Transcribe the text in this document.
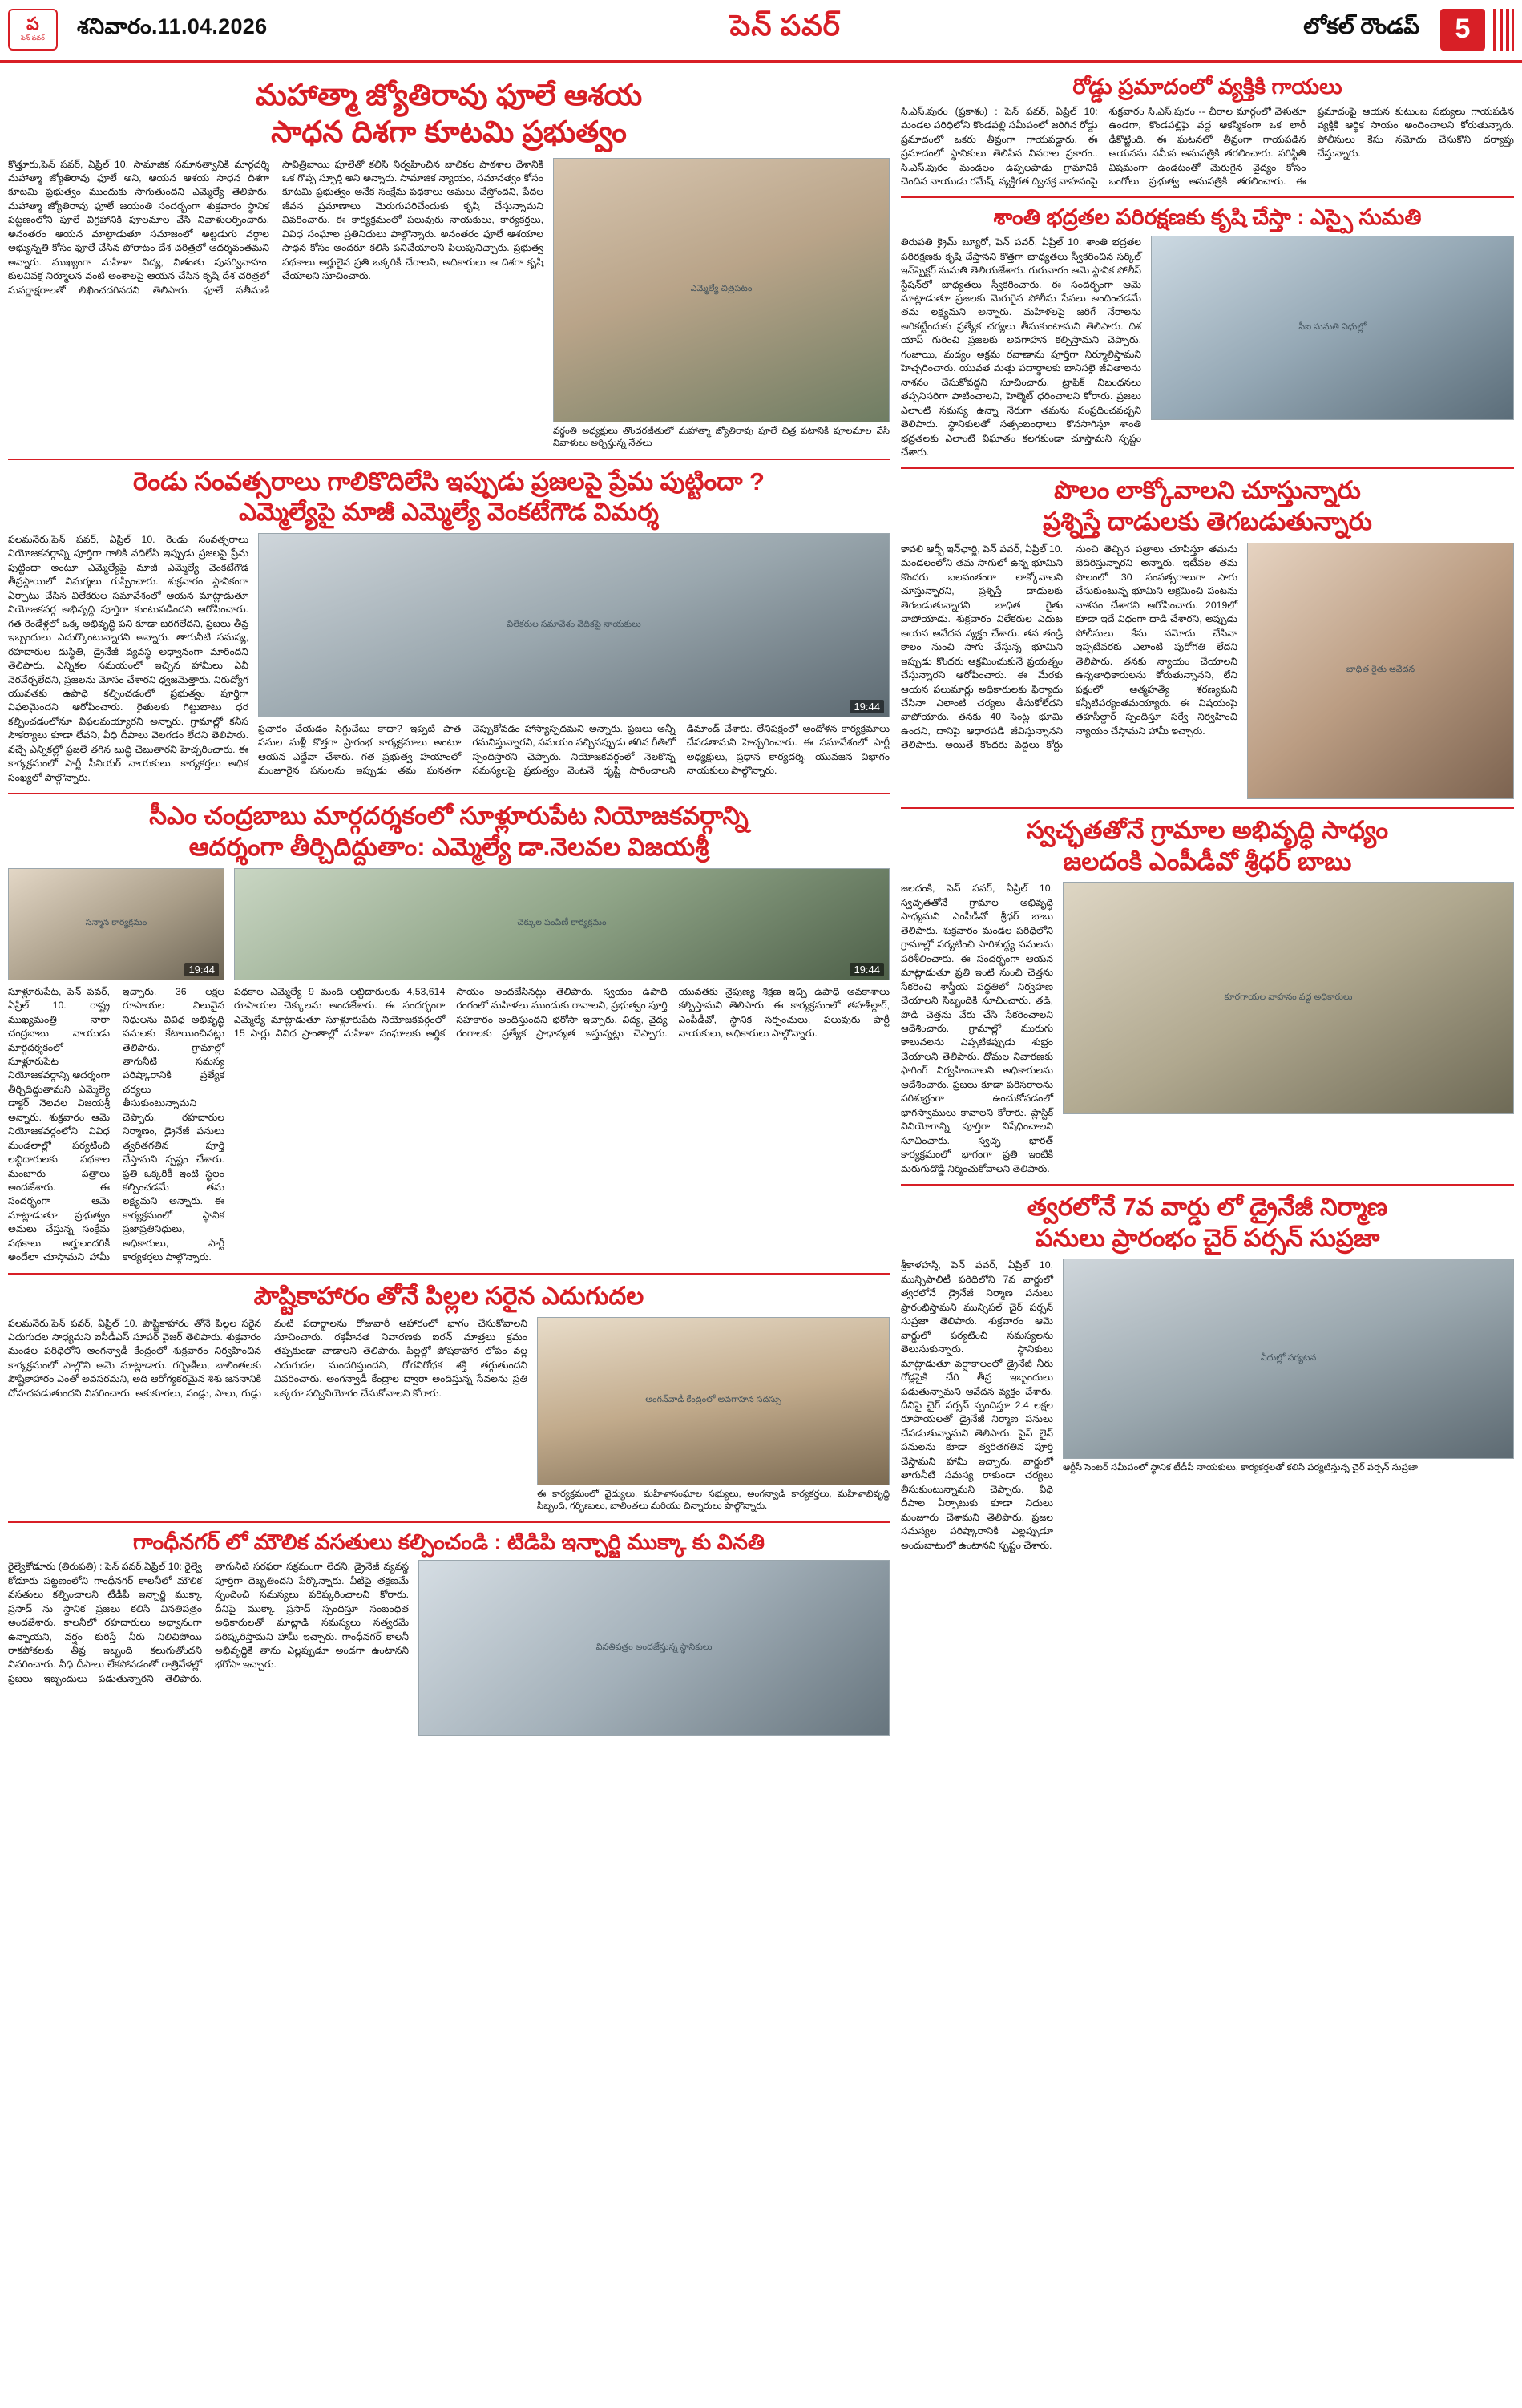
ప
పెన్ పవర్	శనివారం.11.04.2026	పెన్ పవర్	లోకల్ రౌండప్	5
మహాత్మా జ్యోతిరావు ఫూలే ఆశయ
సాధన దిశగా కూటమి ప్రభుత్వం
కొత్తూరు,పెన్ పవర్, ఏప్రిల్ 10. సామాజిక సమానత్వానికి మార్గదర్శి మహాత్మా జ్యోతిరావు ఫూలే అని, ఆయన ఆశయ సాధన దిశగా కూటమి ప్రభుత్వం ముందుకు సాగుతుందని ఎమ్మెల్యే తెలిపారు. మహాత్మా జ్యోతిరావు ఫూలే జయంతి సందర్భంగా శుక్రవారం స్థానిక పట్టణంలోని ఫూలే విగ్రహానికి పూలమాల వేసి నివాళులర్పించారు. అనంతరం ఆయన మాట్లాడుతూ సమాజంలో అట్టడుగు వర్గాల అభ్యున్నతి కోసం ఫూలే చేసిన పోరాటం దేశ చరిత్రలో ఆదర్శవంతమని అన్నారు. ముఖ్యంగా మహిళా విద్య, వితంతు పునర్వివాహం, కులవివక్ష నిర్మూలన వంటి అంశాలపై ఆయన చేసిన కృషి దేశ చరిత్రలో సువర్ణాక్షరాలతో లిఖించదగినదని తెలిపారు. ఫూలే సతీమణి సావిత్రిబాయి ఫూలేతో కలిసి నిర్వహించిన బాలికల పాఠశాల దేశానికి ఒక గొప్ప స్ఫూర్తి అని అన్నారు. సామాజిక న్యాయం, సమానత్వం కోసం కూటమి ప్రభుత్వం అనేక సంక్షేమ పథకాలు అమలు చేస్తోందని, పేదల జీవన ప్రమాణాలు మెరుగుపరిచేందుకు కృషి చేస్తున్నామని వివరించారు. ఈ కార్యక్రమంలో పలువురు నాయకులు, కార్యకర్తలు, వివిధ సంఘాల ప్రతినిధులు పాల్గొన్నారు. అనంతరం ఫూలే ఆశయాల సాధన కోసం అందరూ కలిసి పనిచేయాలని పిలుపునిచ్చారు. ప్రభుత్వ పథకాలు అర్హులైన ప్రతి ఒక్కరికీ చేరాలని, అధికారులు ఆ దిశగా కృషి చేయాలని సూచించారు.
ఎమ్మెల్యే చిత్రపటం
వర్థంతి అధ్యక్షులు తొందరజీతులో మహాత్మా జ్యోతిరావు ఫూలే చిత్ర పటానికి పూలమాల వేసి నివాళులు అర్పిస్తున్న నేతలు
రెండు సంవత్సరాలు గాలికొదిలేసి ఇప్పుడు ప్రజలపై ప్రేమ పుట్టిందా ?
ఎమ్మెల్యేపై మాజీ ఎమ్మెల్యే వెంకటేగౌడ విమర్శ
పలమనేరు,పెన్ పవర్, ఏప్రిల్ 10. రెండు సంవత్సరాలు నియోజకవర్గాన్ని పూర్తిగా గాలికి వదిలేసి ఇప్పుడు ప్రజలపై ప్రేమ పుట్టిందా అంటూ ఎమ్మెల్యేపై మాజీ ఎమ్మెల్యే వెంకటేగౌడ తీవ్రస్థాయిలో విమర్శలు గుప్పించారు. శుక్రవారం స్థానికంగా ఏర్పాటు చేసిన విలేకరుల సమావేశంలో ఆయన మాట్లాడుతూ నియోజకవర్గ అభివృద్ధి పూర్తిగా కుంటుపడిందని ఆరోపించారు. గత రెండేళ్లలో ఒక్క అభివృద్ధి పని కూడా జరగలేదని, ప్రజలు తీవ్ర ఇబ్బందులు ఎదుర్కొంటున్నారని అన్నారు. తాగునీటి సమస్య, రహదారుల దుస్థితి, డ్రైనేజీ వ్యవస్థ అధ్వానంగా మారిందని తెలిపారు. ఎన్నికల సమయంలో ఇచ్చిన హామీలు ఏవీ నెరవేర్చలేదని, ప్రజలను మోసం చేశారని ధ్వజమెత్తారు. నిరుద్యోగ యువతకు ఉపాధి కల్పించడంలో ప్రభుత్వం పూర్తిగా విఫలమైందని ఆరోపించారు. రైతులకు గిట్టుబాటు ధర కల్పించడంలోనూ విఫలమయ్యారని అన్నారు. గ్రామాల్లో కనీస సౌకర్యాలు కూడా లేవని, వీధి దీపాలు వెలగడం లేదని తెలిపారు. వచ్చే ఎన్నికల్లో ప్రజలే తగిన బుద్ధి చెబుతారని హెచ్చరించారు. ఈ కార్యక్రమంలో పార్టీ సీనియర్ నాయకులు, కార్యకర్తలు అధిక సంఖ్యలో పాల్గొన్నారు.
విలేకరుల సమావేశం వేదికపై నాయకులు
19:44
ప్రచారం చేయడం సిగ్గుచేటు కాదా? ఇప్పటి పాత పనుల మళ్లీ కొత్తగా ప్రారంభ కార్యక్రమాలు అంటూ ఆయన ఎద్దేవా చేశారు. గత ప్రభుత్వ హయాంలో మంజూరైన పనులను ఇప్పుడు తమ ఘనతగా చెప్పుకోవడం హాస్యాస్పదమని అన్నారు. ప్రజలు అన్నీ గమనిస్తున్నారని, సమయం వచ్చినప్పుడు తగిన రీతిలో స్పందిస్తారని చెప్పారు. నియోజకవర్గంలో నెలకొన్న సమస్యలపై ప్రభుత్వం వెంటనే దృష్టి సారించాలని డిమాండ్ చేశారు. లేనిపక్షంలో ఆందోళన కార్యక్రమాలు చేపడతామని హెచ్చరించారు. ఈ సమావేశంలో పార్టీ అధ్యక్షులు, ప్రధాన కార్యదర్శి, యువజన విభాగం నాయకులు పాల్గొన్నారు.
సీఎం చంద్రబాబు మార్గదర్శకంలో సూళ్లూరుపేట నియోజకవర్గాన్ని
ఆదర్శంగా తీర్చిదిద్దుతాం: ఎమ్మెల్యే డా.నెలవల విజయశ్రీ
సన్మాన కార్యక్రమం
19:44
సూళ్లూరుపేట, పెన్ పవర్, ఏప్రిల్ 10. రాష్ట్ర ముఖ్యమంత్రి నారా చంద్రబాబు నాయుడు మార్గదర్శకంలో సూళ్లూరుపేట నియోజకవర్గాన్ని ఆదర్శంగా తీర్చిదిద్దుతామని ఎమ్మెల్యే డాక్టర్ నెలవల విజయశ్రీ అన్నారు. శుక్రవారం ఆమె నియోజకవర్గంలోని వివిధ మండలాల్లో పర్యటించి లబ్ధిదారులకు పథకాల మంజూరు పత్రాలు అందజేశారు. ఈ సందర్భంగా ఆమె మాట్లాడుతూ ప్రభుత్వం అమలు చేస్తున్న సంక్షేమ పథకాలు అర్హులందరికీ అందేలా చూస్తామని హామీ ఇచ్చారు. 36 లక్షల రూపాయల విలువైన నిధులను వివిధ అభివృద్ధి పనులకు కేటాయించినట్లు తెలిపారు. గ్రామాల్లో తాగునీటి సమస్య పరిష్కారానికి ప్రత్యేక చర్యలు తీసుకుంటున్నామని చెప్పారు. రహదారుల నిర్మాణం, డ్రైనేజీ పనులు త్వరితగతిన పూర్తి చేస్తామని స్పష్టం చేశారు. ప్రతి ఒక్కరికీ ఇంటి స్థలం కల్పించడమే తమ లక్ష్యమని అన్నారు. ఈ కార్యక్రమంలో స్థానిక ప్రజాప్రతినిధులు, అధికారులు, పార్టీ కార్యకర్తలు పాల్గొన్నారు.
చెక్కుల పంపిణీ కార్యక్రమం
19:44
పథకాల ఎమ్మెల్యే 9 మంది లబ్ధిదారులకు 4,53,614 రూపాయల చెక్కులను అందజేశారు. ఈ సందర్భంగా ఎమ్మెల్యే మాట్లాడుతూ సూళ్లూరుపేట నియోజకవర్గంలో 15 సార్లు వివిధ ప్రాంతాల్లో మహిళా సంఘాలకు ఆర్థిక సాయం అందజేసినట్లు తెలిపారు. స్వయం ఉపాధి రంగంలో మహిళలు ముందుకు రావాలని, ప్రభుత్వం పూర్తి సహకారం అందిస్తుందని భరోసా ఇచ్చారు. విద్య, వైద్య రంగాలకు ప్రత్యేక ప్రాధాన్యత ఇస్తున్నట్లు చెప్పారు. యువతకు నైపుణ్య శిక్షణ ఇచ్చి ఉపాధి అవకాశాలు కల్పిస్తామని తెలిపారు. ఈ కార్యక్రమంలో తహశీల్దార్, ఎంపీడీవో, స్థానిక సర్పంచులు, పలువురు పార్టీ నాయకులు, అధికారులు పాల్గొన్నారు.
పౌష్టికాహారం తోనే పిల్లల సరైన ఎదుగుదల
పలమనేరు,పెన్ పవర్, ఏప్రిల్ 10. పౌష్టికాహారం తోనే పిల్లల సరైన ఎదుగుదల సాధ్యమని ఐసీడీఎస్ సూపర్ వైజర్ తెలిపారు. శుక్రవారం మండల పరిధిలోని అంగన్వాడీ కేంద్రంలో శుక్రవారం నిర్వహించిన కార్యక్రమంలో పాల్గొని ఆమె మాట్లాడారు. గర్భిణీలు, బాలింతలకు పౌష్టికాహారం ఎంతో అవసరమని, అది ఆరోగ్యకరమైన శిశు జననానికి దోహదపడుతుందని వివరించారు. ఆకుకూరలు, పండ్లు, పాలు, గుడ్లు వంటి పదార్థాలను రోజువారీ ఆహారంలో భాగం చేసుకోవాలని సూచించారు. రక్తహీనత నివారణకు ఐరన్ మాత్రలు క్రమం తప్పకుండా వాడాలని తెలిపారు. పిల్లల్లో పోషకాహార లోపం వల్ల ఎదుగుదల మందగిస్తుందని, రోగనిరోధక శక్తి తగ్గుతుందని వివరించారు. అంగన్వాడీ కేంద్రాల ద్వారా అందిస్తున్న సేవలను ప్రతి ఒక్కరూ సద్వినియోగం చేసుకోవాలని కోరారు.
అంగన్‌వాడీ కేంద్రంలో అవగాహన సదస్సు
ఈ కార్యక్రమంలో వైద్యులు, మహిళాసంఘాల సభ్యులు, అంగన్వాడీ కార్యకర్తలు, మహిళాభివృద్ధి సిబ్బంది, గర్భిణులు, బాలింతలు మరియు చిన్నారులు పాల్గొన్నారు.
గాంధీనగర్ లో మౌలిక వసతులు కల్పించండి : టిడిపి ఇన్చార్జి ముక్కా కు వినతి
రైల్వేకోడూరు (తిరుపతి) : పెన్ పవర్,ఏప్రిల్ 10: రైల్వే కోడూరు పట్టణంలోని గాంధీనగర్ కాలనీలో మౌలిక వసతులు కల్పించాలని టీడీపీ ఇన్చార్జి ముక్కా ప్రసాద్ ను స్థానిక ప్రజలు కలిసి వినతిపత్రం అందజేశారు. కాలనీలో రహదారులు అధ్వానంగా ఉన్నాయని, వర్షం కురిస్తే నీరు నిలిచిపోయి రాకపోకలకు తీవ్ర ఇబ్బంది కలుగుతోందని వివరించారు. వీధి దీపాలు లేకపోవడంతో రాత్రివేళల్లో ప్రజలు ఇబ్బందులు పడుతున్నారని తెలిపారు. తాగునీటి సరఫరా సక్రమంగా లేదని, డ్రైనేజీ వ్యవస్థ పూర్తిగా దెబ్బతిందని పేర్కొన్నారు. వీటిపై తక్షణమే స్పందించి సమస్యలు పరిష్కరించాలని కోరారు. దీనిపై ముక్కా ప్రసాద్ స్పందిస్తూ సంబంధిత అధికారులతో మాట్లాడి సమస్యలు సత్వరమే పరిష్కరిస్తామని హామీ ఇచ్చారు. గాంధీనగర్ కాలనీ అభివృద్ధికి తాను ఎల్లప్పుడూ అండగా ఉంటానని భరోసా ఇచ్చారు.
వినతిపత్రం అందజేస్తున్న స్థానికులు
రోడ్డు ప్రమాదంలో వ్యక్తికి గాయలు
సి.ఎస్.పురం (ప్రకాశం) : పెన్ పవర్, ఏప్రిల్ 10: మండల పరిధిలోని కొండపల్లి సమీపంలో జరిగిన రోడ్డు ప్రమాదంలో ఒకరు తీవ్రంగా గాయపడ్డారు. ఈ ప్రమాదంలో స్థానికులు తెలిపిన వివరాల ప్రకారం.. సి.ఎస్.పురం మండలం ఉప్పలపాడు గ్రామానికి చెందిన నాయుడు రమేష్, వ్యక్తిగత ద్విచక్ర వాహనంపై శుక్రవారం సి.ఎస్.పురం -- చీరాల మార్గంలో వెళుతూ ఉండగా, కొండపల్లిపై వద్ద ఆకస్మికంగా ఒక లారీ ఢీకొట్టింది. ఈ ఘటనలో తీవ్రంగా గాయపడిన ఆయనను సమీప ఆసుపత్రికి తరలించారు. పరిస్థితి విషమంగా ఉండటంతో మెరుగైన వైద్యం కోసం ఒంగోలు ప్రభుత్వ ఆసుపత్రికి తరలించారు. ఈ ప్రమాదంపై ఆయన కుటుంబ సభ్యులు గాయపడిన వ్యక్తికి ఆర్థిక సాయం అందించాలని కోరుతున్నారు. పోలీసులు కేసు నమోదు చేసుకొని దర్యాప్తు చేస్తున్నారు.
శాంతి భద్రతల పరిరక్షణకు కృషి చేస్తా : ఎస్పై సుమతి
తిరుపతి క్రైమ్ బ్యూరో, పెన్ పవర్, ఏప్రిల్ 10. శాంతి భద్రతల పరిరక్షణకు కృషి చేస్తానని కొత్తగా బాధ్యతలు స్వీకరించిన సర్కిల్ ఇన్‌స్పెక్టర్ సుమతి తెలియజేశారు. గురువారం ఆమె స్థానిక పోలీస్ స్టేషన్‌లో బాధ్యతలు స్వీకరించారు. ఈ సందర్భంగా ఆమె మాట్లాడుతూ ప్రజలకు మెరుగైన పోలీసు సేవలు అందించడమే తమ లక్ష్యమని అన్నారు. మహిళలపై జరిగే నేరాలను అరికట్టేందుకు ప్రత్యేక చర్యలు తీసుకుంటామని తెలిపారు. దిశ యాప్ గురించి ప్రజలకు అవగాహన కల్పిస్తామని చెప్పారు. గంజాయి, మద్యం అక్రమ రవాణాను పూర్తిగా నిర్మూలిస్తామని హెచ్చరించారు. యువత మత్తు పదార్థాలకు బానిసలై జీవితాలను నాశనం చేసుకోవద్దని సూచించారు. ట్రాఫిక్ నిబంధనలు తప్పనిసరిగా పాటించాలని, హెల్మెట్ ధరించాలని కోరారు. ప్రజలు ఎలాంటి సమస్య ఉన్నా నేరుగా తమను సంప్రదించవచ్చని తెలిపారు. స్థానికులతో సత్సంబంధాలు కొనసాగిస్తూ శాంతి భద్రతలకు ఎలాంటి విఘాతం కలగకుండా చూస్తామని స్పష్టం చేశారు.
సీఐ సుమతి విధుల్లో
పొలం లాక్కోవాలని చూస్తున్నారు
ప్రశ్నిస్తే దాడులకు తెగబడుతున్నారు
కావలి ఆర్బీ ఇన్‌ఛార్జి, పెన్ పవర్, ఏప్రిల్ 10. మండలంలోని తమ సాగులో ఉన్న భూమిని కొందరు బలవంతంగా లాక్కోవాలని చూస్తున్నారని, ప్రశ్నిస్తే దాడులకు తెగబడుతున్నారని బాధిత రైతు వాపోయాడు. శుక్రవారం విలేకరుల ఎదుట ఆయన ఆవేదన వ్యక్తం చేశారు. తన తండ్రి కాలం నుంచి సాగు చేస్తున్న భూమిని ఇప్పుడు కొందరు ఆక్రమించుకునే ప్రయత్నం చేస్తున్నారని ఆరోపించారు. ఈ మేరకు ఆయన పలుమార్లు అధికారులకు ఫిర్యాదు చేసినా ఎలాంటి చర్యలు తీసుకోలేదని వాపోయారు. తనకు 40 సెంట్ల భూమి ఉందని, దానిపై ఆధారపడి జీవిస్తున్నానని తెలిపారు. అయితే కొందరు పెద్దలు కోర్టు నుంచి తెచ్చిన పత్రాలు చూపిస్తూ తమను బెదిరిస్తున్నారని అన్నారు. ఇటీవల తమ పొలంలో 30 సంవత్సరాలుగా సాగు చేసుకుంటున్న భూమిని ఆక్రమించి పంటను నాశనం చేశారని ఆరోపించారు. 2019లో కూడా ఇదే విధంగా దాడి చేశారని, అప్పుడు పోలీసులు కేసు నమోదు చేసినా ఇప్పటివరకు ఎలాంటి పురోగతి లేదని తెలిపారు. తనకు న్యాయం చేయాలని ఉన్నతాధికారులను కోరుతున్నానని, లేని పక్షంలో ఆత్మహత్యే శరణ్యమని కన్నీటిపర్యంతమయ్యారు. ఈ విషయంపై తహసీల్దార్ స్పందిస్తూ సర్వే నిర్వహించి న్యాయం చేస్తామని హామీ ఇచ్చారు.
బాధిత రైతు ఆవేదన
స్వచ్ఛతతోనే గ్రామాల అభివృద్ధి సాధ్యం
జలదంకి ఎంపీడీవో శ్రీధర్ బాబు
జలదంకి, పెన్ పవర్, ఏప్రిల్ 10. స్వచ్ఛతతోనే గ్రామాల అభివృద్ధి సాధ్యమని ఎంపీడీవో శ్రీధర్ బాబు తెలిపారు. శుక్రవారం మండల పరిధిలోని గ్రామాల్లో పర్యటించి పారిశుద్ధ్య పనులను పరిశీలించారు. ఈ సందర్భంగా ఆయన మాట్లాడుతూ ప్రతి ఇంటి నుంచి చెత్తను సేకరించి శాస్త్రీయ పద్ధతిలో నిర్వహణ చేయాలని సిబ్బందికి సూచించారు. తడి, పొడి చెత్తను వేరు చేసి సేకరించాలని ఆదేశించారు. గ్రామాల్లో మురుగు కాలువలను ఎప్పటికప్పుడు శుభ్రం చేయాలని తెలిపారు. దోమల నివారణకు ఫాగింగ్ నిర్వహించాలని అధికారులను ఆదేశించారు. ప్రజలు కూడా పరిసరాలను పరిశుభ్రంగా ఉంచుకోవడంలో భాగస్వాములు కావాలని కోరారు. ప్లాస్టిక్ వినియోగాన్ని పూర్తిగా నిషేధించాలని సూచించారు. స్వచ్ఛ భారత్ కార్యక్రమంలో భాగంగా ప్రతి ఇంటికి మరుగుదొడ్డి నిర్మించుకోవాలని తెలిపారు.
కూరగాయల వాహనం వద్ద అధికారులు
త్వరలోనే 7వ వార్డు లో డ్రైనేజీ నిర్మాణ
పనులు ప్రారంభం చైర్ పర్సన్ సుప్రజా
శ్రీకాళహస్తి, పెన్ పవర్, ఏప్రిల్ 10, మున్సిపాలిటీ పరిధిలోని 7వ వార్డులో త్వరలోనే డ్రైనేజీ నిర్మాణ పనులు ప్రారంభిస్తామని మున్సిపల్ చైర్ పర్సన్ సుప్రజా తెలిపారు. శుక్రవారం ఆమె వార్డులో పర్యటించి సమస్యలను తెలుసుకున్నారు. స్థానికులు మాట్లాడుతూ వర్షాకాలంలో డ్రైనేజీ నీరు రోడ్లపైకి చేరి తీవ్ర ఇబ్బందులు పడుతున్నామని ఆవేదన వ్యక్తం చేశారు. దీనిపై చైర్ పర్సన్ స్పందిస్తూ 2.4 లక్షల రూపాయలతో డ్రైనేజీ నిర్మాణ పనులు చేపడుతున్నామని తెలిపారు. పైప్ లైన్ పనులను కూడా త్వరితగతిన పూర్తి చేస్తామని హామీ ఇచ్చారు. వార్డులో తాగునీటి సమస్య రాకుండా చర్యలు తీసుకుంటున్నామని చెప్పారు. వీధి దీపాల ఏర్పాటుకు కూడా నిధులు మంజూరు చేశామని తెలిపారు. ప్రజల సమస్యల పరిష్కారానికి ఎల్లప్పుడూ అందుబాటులో ఉంటానని స్పష్టం చేశారు.
వీధుల్లో పర్యటన
ఆర్టీసీ సెంటర్ సమీపంలో స్థానిక టీడీపీ నాయకులు, కార్యకర్తలతో కలిసి పర్యటిస్తున్న చైర్ పర్సన్ సుప్రజా
